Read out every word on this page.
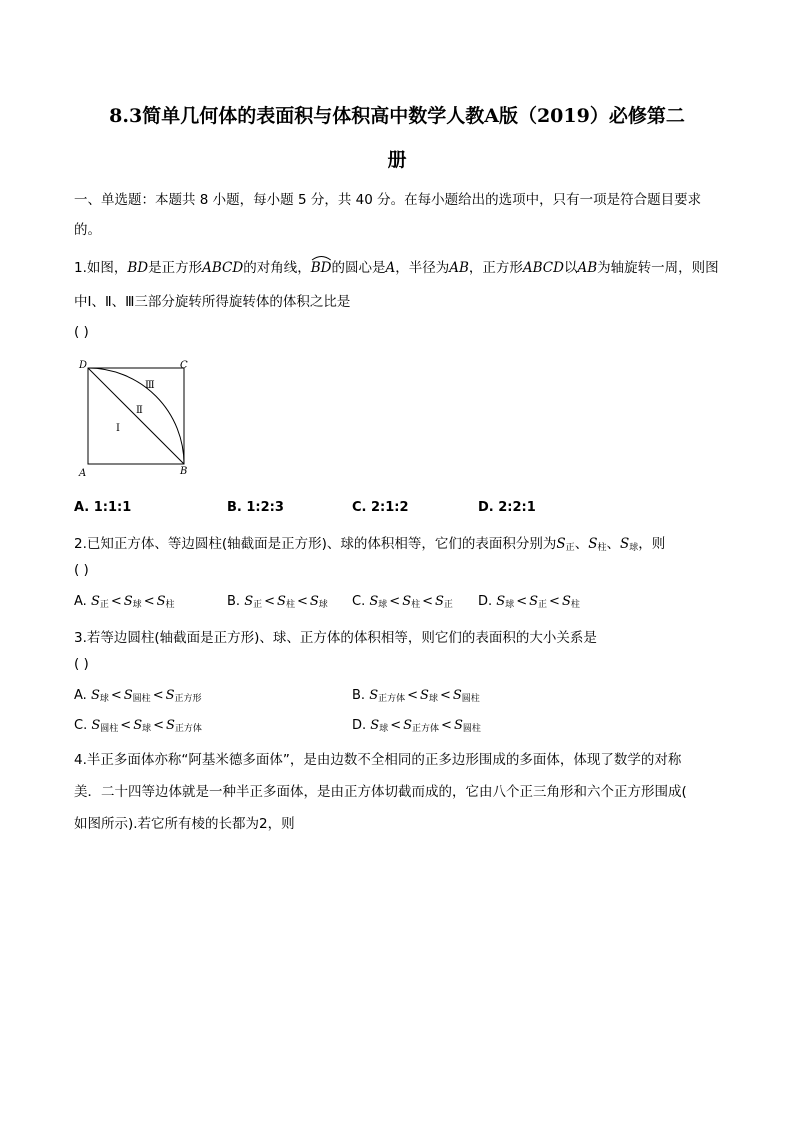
8.3简单几何体的表面积与体积高中数学人教A版（2019）必修第二
册
一、单选题：本题共 8 小题，每小题 5 分，共 40 分。在每小题给出的选项中，只有一项是符合题目要求
的。
1.如图，BD是正方形ABCD的对角线，
BD的圆心是A，半径为AB，正方形ABCD以AB为轴旋转一周，则图
中Ⅰ、Ⅱ、Ⅲ三部分旋转所得旋转体的体积之比是
( )
D	C
A	B
Ⅲ
Ⅱ
Ⅰ
A. 1:1:1	B. 1:2:3	C. 2:1:2	D. 2:2:1
2.已知正方体、等边圆柱(轴截面是正方形)、球的体积相等，它们的表面积分别为$S_正$、$S_柱$、$S_球$，则
( )
A. $S_正 < S_球 < S_柱$	B. $S_正 < S_柱 < S_球$ C. $S_球 < S_柱 < S_正$ D. $S_球 < S_正 < S_柱$
3.若等边圆柱(轴截面是正方形)、球、正方体的体积相等，则它们的表面积的大小关系是
( )
A. $S_球 < S_{圆柱} < S_{正方形}$	B. $S_{正方体} < S_球 < S_{圆柱}$
C. $S_{圆柱} < S_球 < S_{正方体}$	D. $S_球 < S_{正方体} < S_{圆柱}$
4.半正多面体亦称“阿基米德多面体”，是由边数不全相同的正多边形围成的多面体，体现了数学的对称
美．二十四等边体就是一种半正多面体，是由正方体切截而成的，它由八个正三角形和六个正方形围成(
如图所示).若它所有棱的长都为2，则
